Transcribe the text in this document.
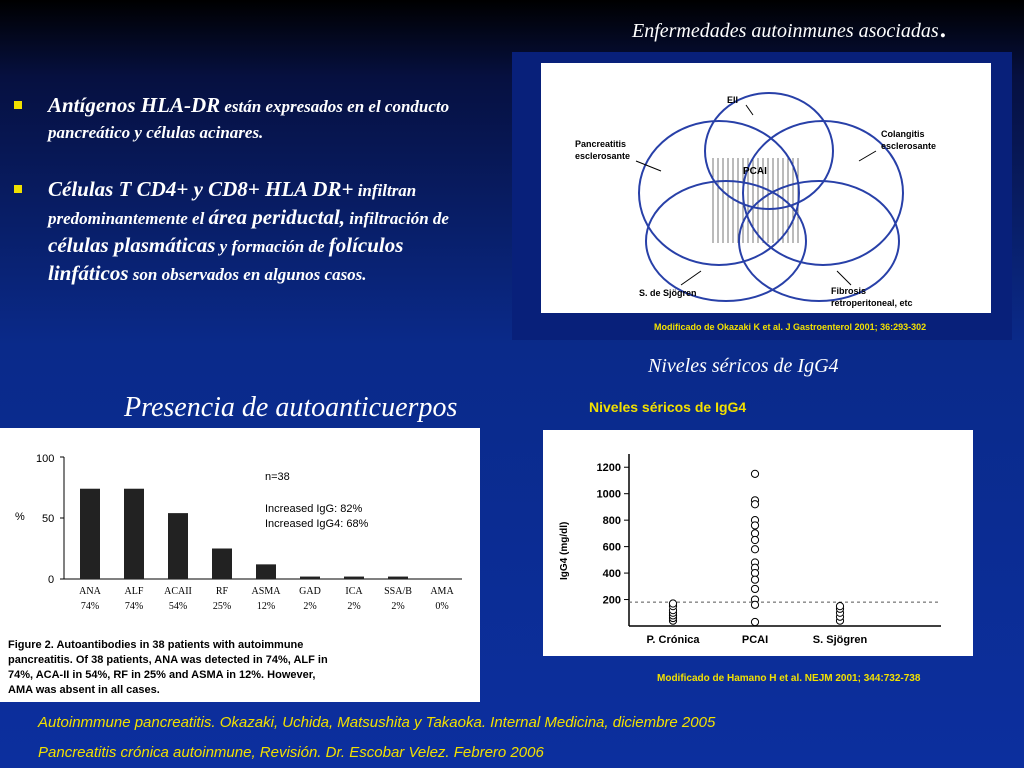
Enfermedades autoinmunes asociadas.
Antígenos HLA-DR están expresados en el conducto pancreático y células acinares.
Células T CD4+ y CD8+ HLA DR+ infiltran predominantemente el área periductal, infiltración de células plasmáticas y formación de folículos linfáticos son observados en algunos casos.
EII
Pancreatitis
esclerosante
Colangitis
esclerosante
PCAI
S. de Sjögren	Fibrosis
retroperitoneal, etc
Modificado de Okazaki K et al. J Gastroenterol 2001; 36:293-302
Niveles séricos de IgG4
Presencia de autoanticuerpos
ANA
74%
ALF
74%
ACAII
54%
RF
25%
ASMA
12%
GAD
2%
ICA
2%
SSA/B
2%
AMA
0%
%
100
50
0
n=38
Increased IgG: 82%
Increased IgG4: 68%
Figure 2. Autoantibodies in 38 patients with autoimmune
pancreatitis. Of 38 patients, ANA was detected in 74%, ALF in
74%, ACA-II in 54%, RF in 25% and ASMA in 12%. However,
AMA was absent in all cases.
Niveles séricos de IgG4
1200
1000
800
600
400
200
P. Crónica	PCAI	S. Sjögren
IgG4 (mg/dl)
Modificado de Hamano H et al. NEJM 2001; 344:732-738
Autoinmmune pancreatitis. Okazaki, Uchida, Matsushita y Takaoka. Internal Medicina, diciembre 2005
Pancreatitis crónica autoinmune, Revisión. Dr. Escobar Velez. Febrero 2006
